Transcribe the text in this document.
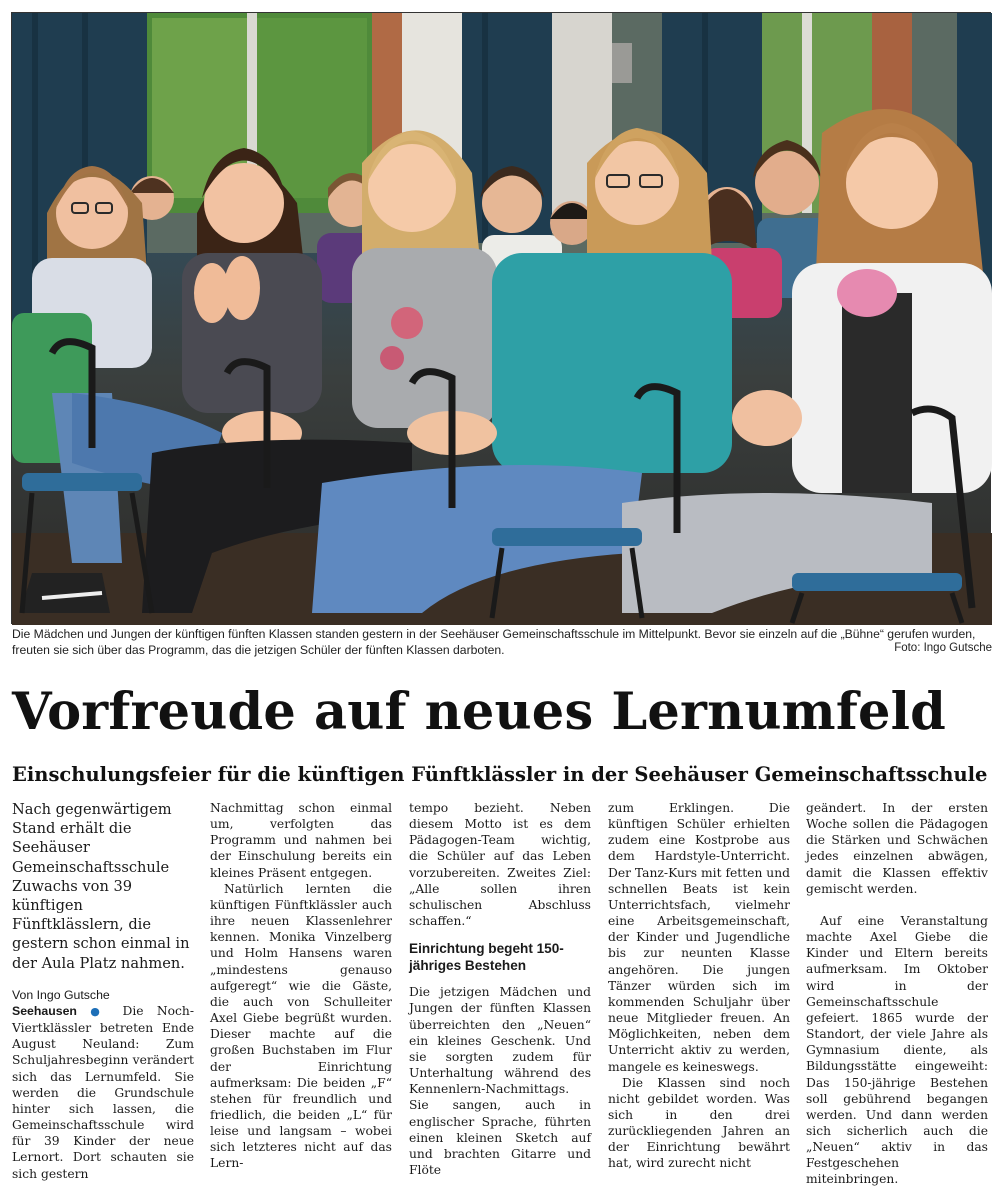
Die Mädchen und Jungen der künftigen fünften Klassen standen gestern in der Seehäuser Gemeinschaftsschule im Mittelpunkt. Bevor sie einzeln auf die „Bühne“ gerufen wurden, freuten sie sich über das Programm, das die jetzigen Schüler der fünften Klassen darboten.	Foto: Ingo Gutsche
Vorfreude auf neues Lernumfeld
Einschulungsfeier für die künftigen Fünftklässler in der Seehäuser Gemeinschaftsschule

Nach gegenwärtigem Stand erhält die Seehäuser Gemeinschaftsschule Zuwachs von 39 künftigen Fünftklässlern, die gestern schon einmal in der Aula Platz nahmen.

Von Ingo Gutsche

Seehausen ● Die Noch-Viertklässler betreten Ende August Neuland: Zum Schuljahresbeginn verändert sich das Lernumfeld. Sie werden die Grundschule hinter sich lassen, die Gemeinschaftsschule wird für 39 Kinder der neue Lernort. Dort schauten sie sich gestern

Nachmittag schon einmal um, verfolgten das Programm und nahmen bei der Einschulung bereits ein kleines Präsent entgegen.

Natürlich lernten die künftigen Fünftklässler auch ihre neuen Klassenlehrer kennen. Monika Vinzelberg und Holm Hansens waren „mindestens genauso aufgeregt“ wie die Gäste, die auch von Schulleiter Axel Giebe begrüßt wurden. Dieser machte auf die großen Buchstaben im Flur der Einrichtung aufmerksam: Die beiden „F“ stehen für freundlich und friedlich, die beiden „L“ für leise und langsam – wobei sich letzteres nicht auf das Lern-

tempo bezieht. Neben diesem Motto ist es dem Pädagogen-Team wichtig, die Schüler auf das Leben vorzubereiten. Zweites Ziel: „Alle sollen ihren schulischen Abschluss schaffen.“

Einrichtung begeht 150-jähriges Bestehen

Die jetzigen Mädchen und Jungen der fünften Klassen überreichten den „Neuen“ ein kleines Geschenk. Und sie sorgten zudem für Unterhaltung während des Kennenlern-Nachmittags. Sie sangen, auch in englischer Sprache, führten einen kleinen Sketch auf und brachten Gitarre und Flöte

zum Erklingen. Die künftigen Schüler erhielten zudem eine Kostprobe aus dem Hardstyle-Unterricht. Der Tanz-Kurs mit fetten und schnellen Beats ist kein Unterrichtsfach, vielmehr eine Arbeitsgemeinschaft, der Kinder und Jugendliche bis zur neunten Klasse angehören. Die jungen Tänzer würden sich im kommenden Schuljahr über neue Mitglieder freuen. An Möglichkeiten, neben dem Unterricht aktiv zu werden, mangele es keineswegs.

Die Klassen sind noch nicht gebildet worden. Was sich in den drei zurückliegenden Jahren an der Einrichtung bewährt hat, wird zurecht nicht

geändert. In der ersten Woche sollen die Pädagogen die Stärken und Schwächen jedes einzelnen abwägen, damit die Klassen effektiv gemischt werden.

Auf eine Veranstaltung machte Axel Giebe die Kinder und Eltern bereits aufmerksam. Im Oktober wird in der Gemeinschaftsschule gefeiert. 1865 wurde der Standort, der viele Jahre als Gymnasium diente, als Bildungsstätte eingeweiht: Das 150-jährige Bestehen soll gebührend begangen werden. Und dann werden sich sicherlich auch die „Neuen“ aktiv in das Festgeschehen miteinbringen.
